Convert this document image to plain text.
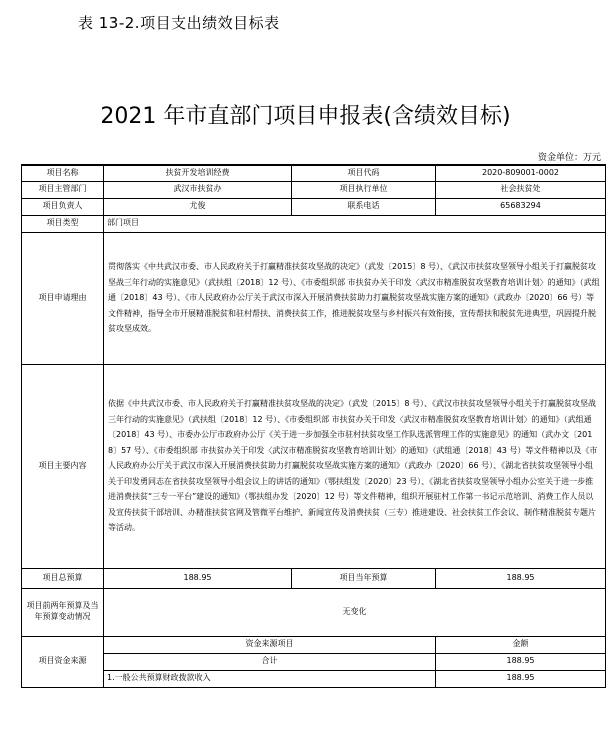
表 13-2.项目支出绩效目标表
2021 年市直部门项目申报表(含绩效目标)
资金单位：万元
项目名称	扶贫开发培训经费	项目代码	2020-809001-0002
项目主管部门	武汉市扶贫办	项目执行单位	社会扶贫处
项目负责人	尤俊	联系电话	65683294
项目类型	部门项目		
项目申请理由	贯彻落实《中共武汉市委、市人民政府关于打赢精准扶贫攻坚战的决定》（武发〔2015〕8 号）、《武汉市扶贫攻坚领导小组关于打赢脱贫攻坚战三年行动的实施意见》（武扶组〔2018〕12 号）、《市委组织部 市扶贫办关于印发〈武汉市精准脱贫攻坚教育培训计划〉的通知》（武组通〔2018〕43 号）、《市人民政府办公厅关于武汉市深入开展消费扶贫助力打赢脱贫攻坚战实施方案的通知》（武政办〔2020〕66 号）等文件精神，指导全市开展精准脱贫和驻村帮扶、消费扶贫工作，推进脱贫攻坚与乡村振兴有效衔接，宣传帮扶和脱贫先进典型，巩固提升脱贫攻坚成效。		
项目主要内容	依据《中共武汉市委、市人民政府关于打赢精准扶贫攻坚战的决定》（武发〔2015〕8 号）、《武汉市扶贫攻坚领导小组关于打赢脱贫攻坚战三年行动的实施意见》（武扶组〔2018〕12 号）、《市委组织部 市扶贫办关于印发〈武汉市精准脱贫攻坚教育培训计划〉的通知》（武组通〔2018〕43 号）、市委办公厅市政府办公厅《关于进一步加强全市驻村扶贫攻坚工作队选派管理工作的实施意见》的通知（武办文〔2018〕57 号）、《市委组织部 市扶贫办关于印发〈武汉市精准脱贫攻坚教育培训计划〉的通知》（武组通〔2018〕43 号）等文件精神以及《市人民政府办公厅关于武汉市深入开展消费扶贫助力打赢脱贫攻坚战实施方案的通知》（武政办〔2020〕66 号）、《湖北省扶贫攻坚领导小组关于印发勇同志在省扶贫攻坚领导小组会议上的讲话的通知》（鄂扶组发〔2020〕23 号）、《湖北省扶贫攻坚领导小组办公室关于进一步推进消费扶贫“三专一平台”建设的通知》（鄂扶组办发〔2020〕12 号）等文件精神，组织开展驻村工作第一书记示范培训、消费工作人员以及宣传扶贫干部培训、办精准扶贫官网及管微平台维护、新闻宣传及消费扶贫（三专）推进建设、社会扶贫工作会议、制作精准脱贫专题片等活动。		
项目总预算	188.95	项目当年预算	188.95
项目前两年预算及当年预算变动情况	无变化		
项目资金来源	资金来源项目		金额
	合计		188.95
	1.一般公共预算财政拨款收入		188.95
